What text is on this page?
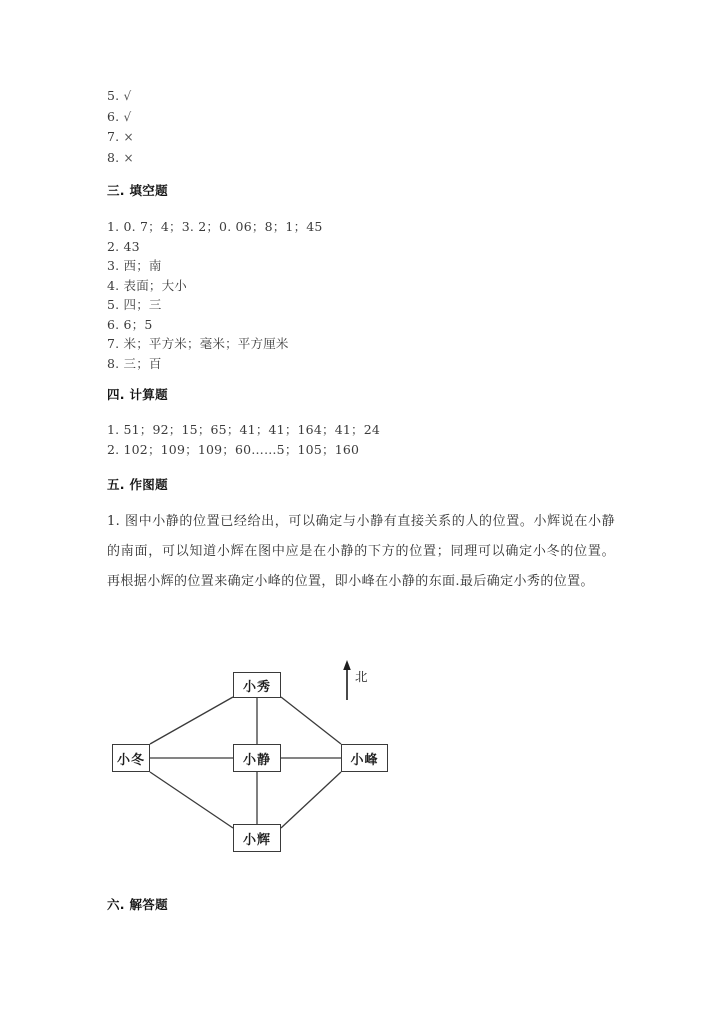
5. √
6. √
7. ×
8. ×
三. 填空题
1. 0. 7；4；3. 2；0. 06；8；1；45
2. 43
3. 西；南
4. 表面；大小
5. 四；三
6. 6；5
7. 米；平方米；毫米；平方厘米
8. 三；百
四. 计算题
1. 51；92；15；65；41；41；164；41；24
2. 102；109；109；60……5；105；160
五. 作图题
1. 图中小静的位置已经给出，可以确定与小静有直接关系的人的位置。小辉说在小静的南面，可以知道小辉在图中应是在小静的下方的位置；同理可以确定小冬的位置。再根据小辉的位置来确定小峰的位置，即小峰在小静的东面.最后确定小秀的位置。
小秀
小冬	小静	小峰
小辉
北
六. 解答题
